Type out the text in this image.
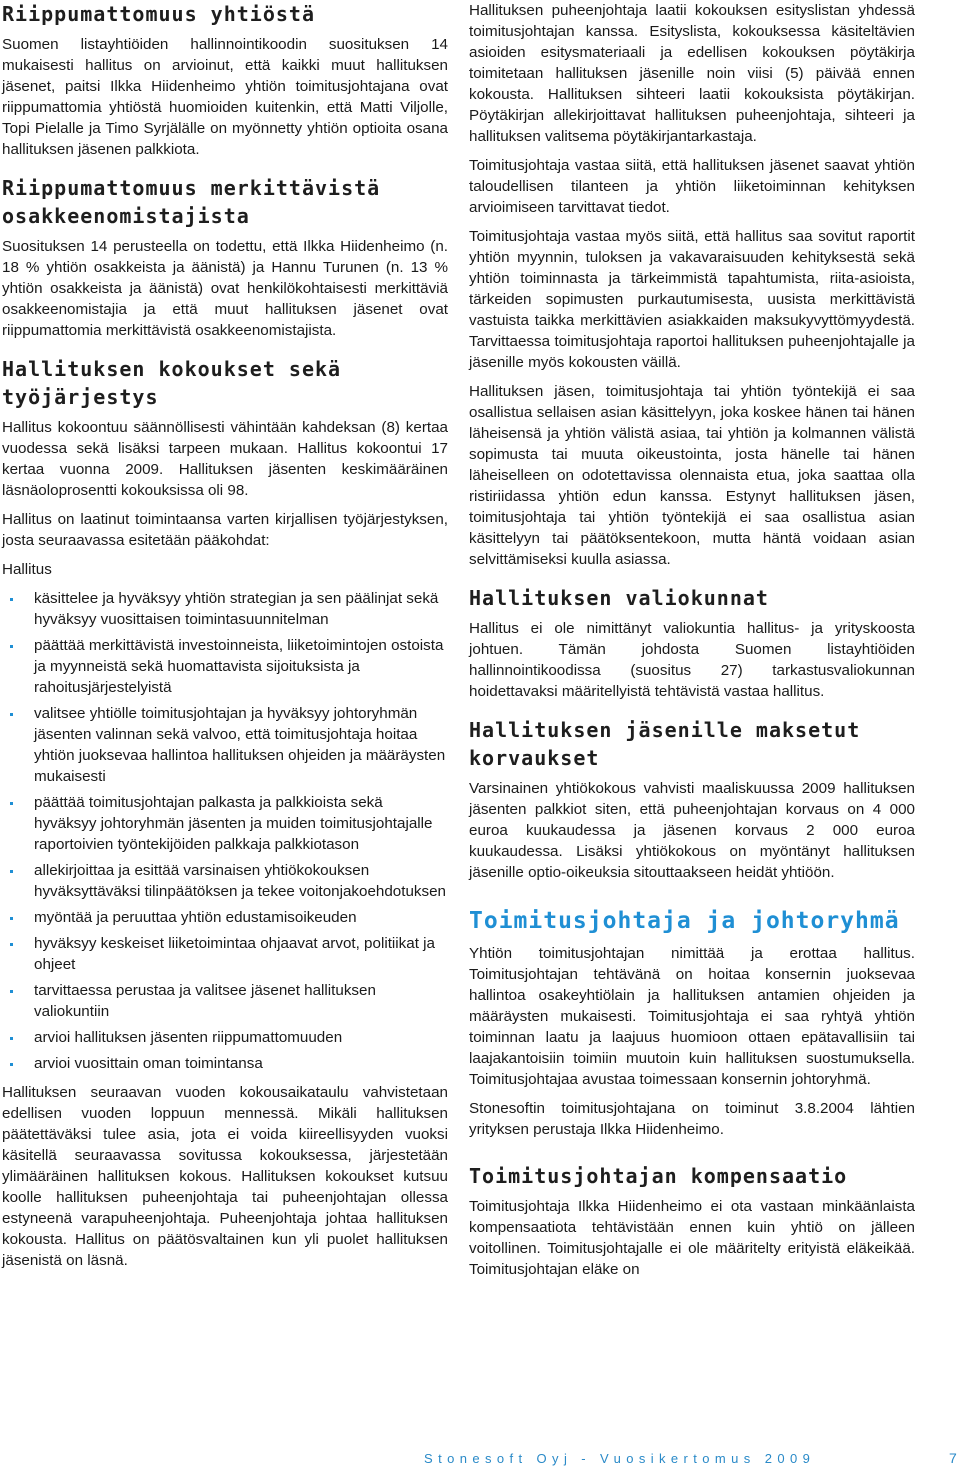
Riippumattomuus yhtiöstä

Suomen listayhtiöiden hallinnointikoodin suosituksen 14 mukaisesti hallitus on arvioinut, että kaikki muut hallituksen jäsenet, paitsi Ilkka Hiidenheimo yhtiön toimitusjohtajana ovat riippumattomia yhtiöstä huomioiden kuitenkin, että Matti Viljolle, Topi Pielalle ja Timo Syrjälälle on myönnetty yhtiön optioita osana hallituksen jäsenen palkkiota.

Riippumattomuus merkittävistä osakkeenomistajista

Suosituksen 14 perusteella on todettu, että Ilkka Hiidenheimo (n. 18 % yhtiön osakkeista ja äänistä) ja Hannu Turunen (n. 13 % yhtiön osakkeista ja äänistä) ovat henkilökohtaisesti merkittäviä osakkeenomistajia ja että muut hallituksen jäsenet ovat riippumattomia merkittävistä osakkeenomistajista.

Hallituksen kokoukset sekä työjärjestys

Hallitus kokoontuu säännöllisesti vähintään kahdeksan (8) kertaa vuodessa sekä lisäksi tarpeen mukaan. Hallitus kokoontui 17 kertaa vuonna 2009. Hallituksen jäsenten keskimääräinen läsnäoloprosentti kokouksissa oli 98.

Hallitus on laatinut toimintaansa varten kirjallisen työjärjestyksen, josta seuraavassa esitetään pääkohdat:

Hallitus

käsittelee ja hyväksyy yhtiön strategian ja sen päälinjat sekä hyväksyy vuosittaisen toimintasuunnitelman
päättää merkittävistä investoinneista, liiketoimintojen ostoista ja myynneistä sekä huomattavista sijoituksista ja rahoitusjärjestelyistä
valitsee yhtiölle toimitusjohtajan ja hyväksyy johtoryhmän jäsenten valinnan sekä valvoo, että toimitusjohtaja hoitaa yhtiön juoksevaa hallintoa hallituksen ohjeiden ja määräysten mukaisesti
päättää toimitusjohtajan palkasta ja palkkioista sekä hyväksyy johtoryhmän jäsenten ja muiden toimitusjohtajalle raportoivien työntekijöiden palkkaja palkkiotason
allekirjoittaa ja esittää varsinaisen yhtiökokouksen hyväksyttäväksi tilinpäätöksen ja tekee voitonjakoehdotuksen
myöntää ja peruuttaa yhtiön edustamisoikeuden
hyväksyy keskeiset liiketoimintaa ohjaavat arvot, politiikat ja ohjeet
tarvittaessa perustaa ja valitsee jäsenet hallituksen valiokuntiin
arvioi hallituksen jäsenten riippumattomuuden
arvioi vuosittain oman toimintansa

Hallituksen seuraavan vuoden kokousaikataulu vahvistetaan edellisen vuoden loppuun mennessä. Mikäli hallituksen päätettäväksi tulee asia, jota ei voida kiireellisyyden vuoksi käsitellä seuraavassa sovitussa kokouksessa, järjestetään ylimääräinen hallituksen kokous. Hallituksen kokoukset kutsuu koolle hallituksen puheenjohtaja tai puheenjohtajan ollessa estyneenä varapuheenjohtaja. Puheenjohtaja johtaa hallituksen kokousta. Hallitus on päätösvaltainen kun yli puolet hallituksen jäsenistä on läsnä.

Hallituksen puheenjohtaja laatii kokouksen esityslistan yhdessä toimitusjohtajan kanssa. Esityslista, kokouksessa käsiteltävien asioiden esitysmateriaali ja edellisen kokouksen pöytäkirja toimitetaan hallituksen jäsenille noin viisi (5) päivää ennen kokousta. Hallituksen sihteeri laatii kokouksista pöytäkirjan. Pöytäkirjan allekirjoittavat hallituksen puheenjohtaja, sihteeri ja hallituksen valitsema pöytäkirjantarkastaja.

Toimitusjohtaja vastaa siitä, että hallituksen jäsenet saavat yhtiön taloudellisen tilanteen ja yhtiön liiketoiminnan kehityksen arvioimiseen tarvittavat tiedot.

Toimitusjohtaja vastaa myös siitä, että hallitus saa sovitut raportit yhtiön myynnin, tuloksen ja vakavaraisuuden kehityksestä sekä yhtiön toiminnasta ja tärkeimmistä tapahtumista, riita-asioista, tärkeiden sopimusten purkautumisesta, uusista merkittävistä vastuista taikka merkittävien asiakkaiden maksukyvyttömyydestä. Tarvittaessa toimitusjohtaja raportoi hallituksen puheenjohtajalle ja jäsenille myös kokousten väillä.

Hallituksen jäsen, toimitusjohtaja tai yhtiön työntekijä ei saa osallistua sellaisen asian käsittelyyn, joka koskee hänen tai hänen läheisensä ja yhtiön välistä asiaa, tai yhtiön ja kolmannen välistä sopimusta tai muuta oikeustointa, josta hänelle tai hänen läheiselleen on odotettavissa olennaista etua, joka saattaa olla ristiriidassa yhtiön edun kanssa. Estynyt hallituksen jäsen, toimitusjohtaja tai yhtiön työntekijä ei saa osallistua asian käsittelyyn tai päätöksentekoon, mutta häntä voidaan asian selvittämiseksi kuulla asiassa.

Hallituksen valiokunnat

Hallitus ei ole nimittänyt valiokuntia hallitus- ja yrityskoosta johtuen. Tämän johdosta Suomen listayhtiöiden hallinnointikoodissa (suositus 27) tarkastusvaliokunnan hoidettavaksi määritellyistä tehtävistä vastaa hallitus.

Hallituksen jäsenille maksetut korvaukset

Varsinainen yhtiökokous vahvisti maaliskuussa 2009 hallituksen jäsenten palkkiot siten, että puheenjohtajan korvaus on 4 000 euroa kuukaudessa ja jäsenen korvaus 2 000 euroa kuukaudessa. Lisäksi yhtiökokous on myöntänyt hallituksen jäsenille optio-oikeuksia sitouttaakseen heidät yhtiöön.

Toimitusjohtaja ja johtoryhmä

Yhtiön toimitusjohtajan nimittää ja erottaa hallitus. Toimitusjohtajan tehtävänä on hoitaa konsernin juoksevaa hallintoa osakeyhtiölain ja hallituksen antamien ohjeiden ja määräysten mukaisesti. Toimitusjohtaja ei saa ryhtyä yhtiön toiminnan laatu ja laajuus huomioon ottaen epätavallisiin tai laajakantoisiin toimiin muutoin kuin hallituksen suostumuksella. Toimitusjohtajaa avustaa toimessaan konsernin johtoryhmä.

Stonesoftin toimitusjohtajana on toiminut 3.8.2004 lähtien yrityksen perustaja Ilkka Hiidenheimo.

Toimitusjohtajan kompensaatio

Toimitusjohtaja Ilkka Hiidenheimo ei ota vastaan minkäänlaista kompensaatiota tehtävistään ennen kuin yhtiö on jälleen voitollinen. Toimitusjohtajalle ei ole määritelty erityistä eläkeikää. Toimitusjohtajan eläke on

Stonesoft Oyj - Vuosikertomus 2009	7
